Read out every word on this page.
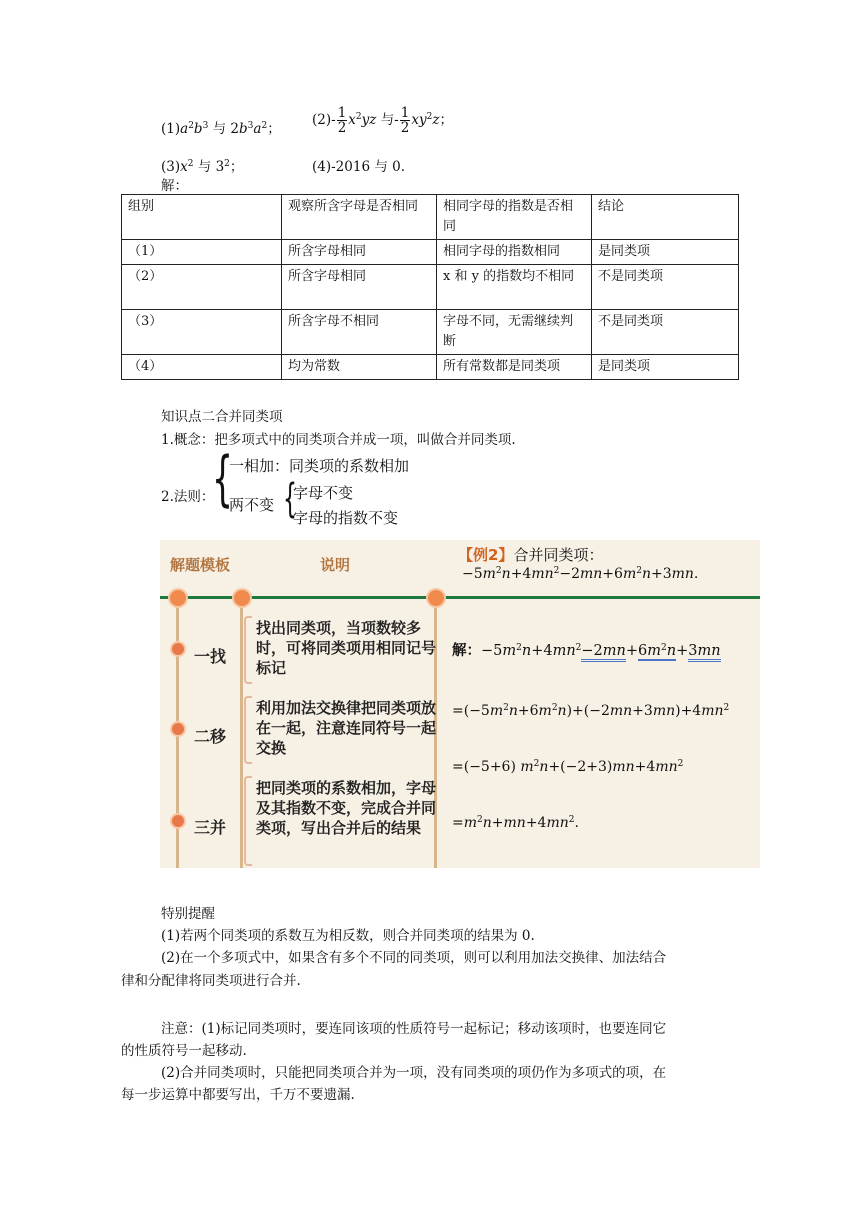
$(1)a^2b^3$ 与 $2b^3a^2$；
$(2)- \frac{1}{2} x^2yz$ 与- $\frac{1}{2} xy^2z$；
$(3)x^2$ 与 $3^2$；	(4)-2016 与 0.
解：
组别	观察所含字母是否相同	相同字母的指数是否相同	结论
（1）	所含字母相同	相同字母的指数相同	是同类项
（2）	所含字母相同	x 和 y 的指数均不相同	不是同类项
（3）	所含字母不相同	字母不同，无需继续判断	不是同类项
（4）	均为常数	所有常数都是同类项	是同类项
知识点二合并同类项
1.概念：把多项式中的同类项合并成一项，叫做合并同类项.
2.法则：
{
一相加：同类项的系数相加
两不变 {
字母不变
字母的指数不变
解题模板	说明
【例2】合并同类项：
$-5m^2n+4mn^2-2mn+6m^2n+3mn$.
一找
二移
三并
找出同类项，当项数较多时，可将同类项用相同记号标记
利用加法交换律把同类项放在一起，注意连同符号一起交换
把同类项的系数相加，字母及其指数不变，完成合并同类项，写出合并后的结果
解：$-5m^2n+4mn^2-2mn+6m^2n+3mn$
$=(-5m^2n+6m^2n)+(-2mn+3mn)+4mn^2$
=(−5+6) $m^2n+(-2+3)mn+4mn^2$
$=m^2n+mn+4mn^2$.
特别提醒
(1)若两个同类项的系数互为相反数，则合并同类项的结果为 0.
(2)在一个多项式中，如果含有多个不同的同类项，则可以利用加法交换律、加法结合
律和分配律将同类项进行合并.
注意：(1)标记同类项时，要连同该项的性质符号一起标记；移动该项时，也要连同它
的性质符号一起移动.
(2)合并同类项时，只能把同类项合并为一项，没有同类项的项仍作为多项式的项，在
每一步运算中都要写出，千万不要遗漏.
